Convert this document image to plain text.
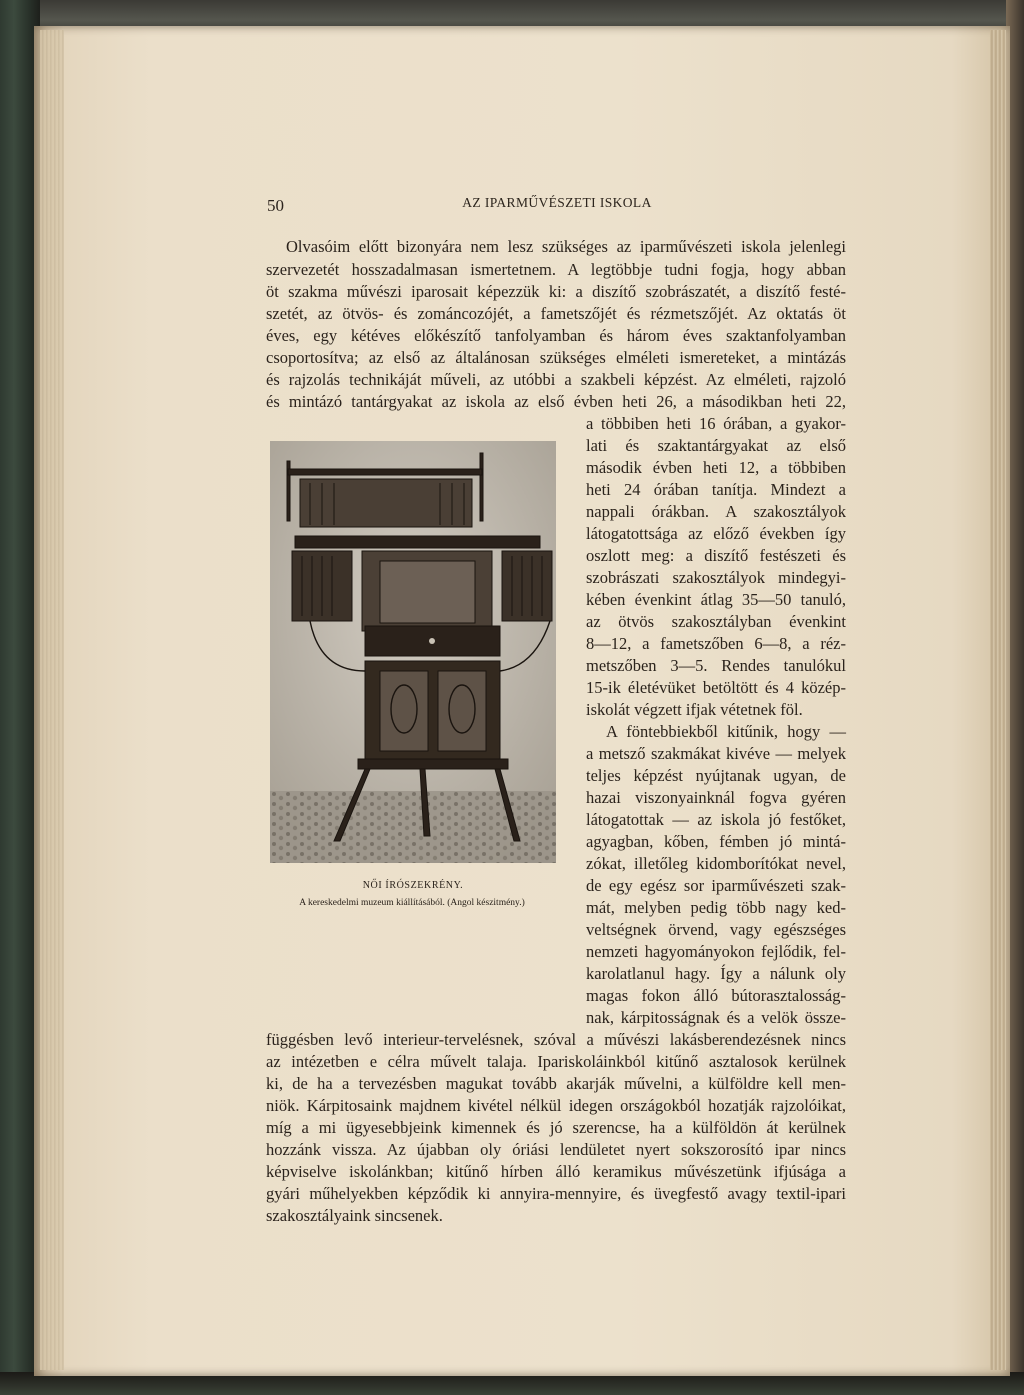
50	AZ IPARMŰVÉSZETI ISKOLA

Olvasóim előtt bizonyára nem lesz szükséges az iparművészeti iskola jelenlegi

szervezetét hosszadalmasan ismertetnem. A legtöbbje tudni fogja, hogy abban

öt szakma művészi iparosait képezzük ki: a diszítő szobrászatét, a diszítő festé-

szetét, az ötvös- és zománcozójét, a fametszőjét és rézmetszőjét. Az oktatás öt

éves, egy kétéves előkészítő tanfolyamban és három éves szaktanfolyamban

csoportosítva; az első az általánosan szükséges elméleti ismereteket, a mintázás

és rajzolás technikáját műveli, az utóbbi a szakbeli képzést. Az elméleti, rajzoló

és mintázó tantárgyakat az iskola az első évben heti 26, a másodikban heti 22,

a többiben heti 16 órában, a gyakor-

lati és szaktantárgyakat az első

második évben heti 12, a többiben

heti 24 órában tanítja. Mindezt a

nappali órákban. A szakosztályok

látogatottsága az előző években így

oszlott meg: a diszítő festészeti és

szobrászati szakosztályok mindegyi-

kében évenkint átlag 35—50 tanuló,

az ötvös szakosztályban évenkint

8—12, a fametszőben 6—8, a réz-

metszőben 3—5. Rendes tanulókul

15-ik életévüket betöltött és 4 közép-

iskolát végzett ifjak vétetnek föl.

A föntebbiekből kitűnik, hogy —

a metsző szakmákat kivéve — melyek

teljes képzést nyújtanak ugyan, de

hazai viszonyainknál fogva gyéren

látogatottak — az iskola jó festőket,

agyagban, kőben, fémben jó mintá-

zókat, illetőleg kidomborítókat nevel,

de egy egész sor iparművészeti szak-

mát, melyben pedig több nagy ked-

veltségnek örvend, vagy egészséges

nemzeti hagyományokon fejlődik, fel-

karolatlanul hagy. Így a nálunk oly

magas fokon álló bútorasztalosság-

nak, kárpitosságnak és a velök össze-

függésben levő interieur-tervelésnek, szóval a művészi lakásberendezésnek nincs

az intézetben e célra művelt talaja. Ipariskoláinkból kitűnő asztalosok kerülnek

ki, de ha a tervezésben magukat tovább akarják művelni, a külföldre kell men-

niök. Kárpitosaink majdnem kivétel nélkül idegen országokból hozatják rajzolóikat,

míg a mi ügyesebbjeink kimennek és jó szerencse, ha a külföldön át kerülnek

hozzánk vissza. Az újabban oly óriási lendületet nyert sokszorosító ipar nincs

képviselve iskolánkban; kitűnő hírben álló keramikus művészetünk ifjúsága a

gyári műhelyekben képződik ki annyira-mennyire, és üvegfestő avagy textil-ipari

szakosztályaink sincsenek.

NŐI ÍRÓSZEKRÉNY.
A kereskedelmi muzeum kiállításából. (Angol készitmény.)
